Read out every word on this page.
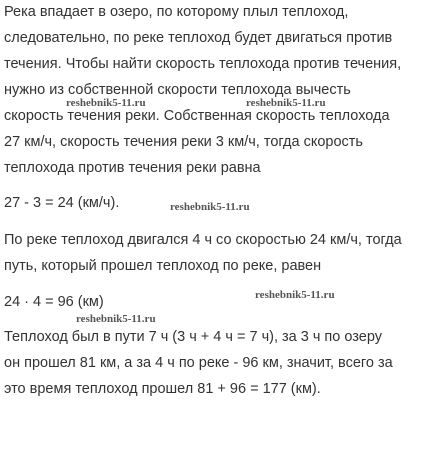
Река впадает в озеро, по которому плыл теплоход,
следовательно, по реке теплоход будет двигаться против
течения. Чтобы найти скорость теплохода против течения,
нужно из собственной скорости теплохода вычесть
скорость течения реки. Собственная скорость теплохода
27 км/ч, скорость течения реки 3 км/ч, тогда скорость
теплохода против течения реки равна
27 - 3 = 24 (км/ч).
По реке теплоход двигался 4 ч со скоростью 24 км/ч, тогда
путь, который прошел теплоход по реке, равен
24 · 4 = 96 (км)
Теплоход был в пути 7 ч (3 ч + 4 ч = 7 ч), за 3 ч по озеру
он прошел 81 км, а за 4 ч по реке - 96 км, значит, всего за
это время теплоход прошел 81 + 96 = 177 (км).
reshebnik5-11.ru	reshebnik5-11.ru
reshebnik5-11.ru
reshebnik5-11.ru
reshebnik5-11.ru
